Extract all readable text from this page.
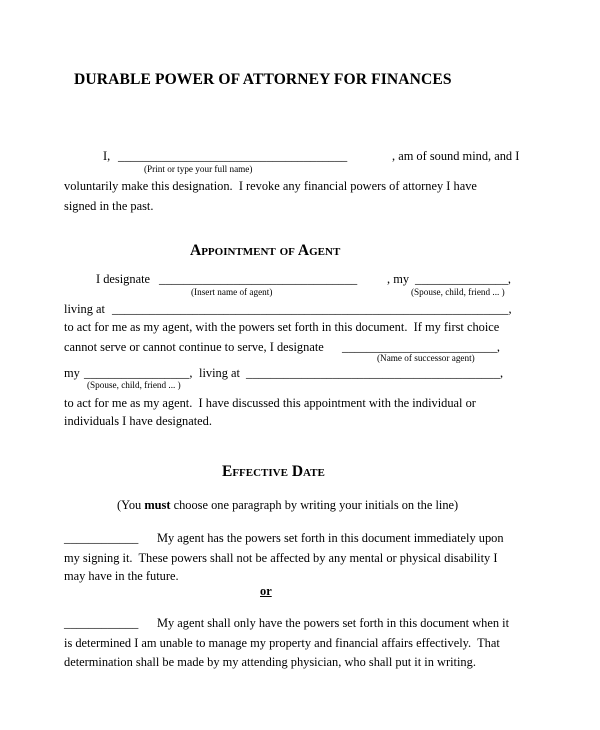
DURABLE POWER OF ATTORNEY FOR FINANCES
I, _____________________________________	, am of sound mind, and I
(Print or type your full name)
voluntarily make this designation.  I revoke any financial powers of attorney I have
signed in the past.
Appointment of Agent
I designate ________________________________ , my _______________,
(Insert name of agent)	(Spouse, child, friend ... )
living at ________________________________________________________________,
to act for me as my agent, with the powers set forth in this document.  If my first choice
cannot serve or cannot continue to serve, I designate _________________________,
(Name of successor agent)
my _________________, living at _________________________________________,
(Spouse, child, friend ... )
to act for me as my agent.  I have discussed this appointment with the individual or
individuals I have designated.
Effective Date
(You must choose one paragraph by writing your initials on the line)
____________ My agent has the powers set forth in this document immediately upon
my signing it.  These powers shall not be affected by any mental or physical disability I
may have in the future.
or
____________ My agent shall only have the powers set forth in this document when it
is determined I am unable to manage my property and financial affairs effectively.  That
determination shall be made by my attending physician, who shall put it in writing.
